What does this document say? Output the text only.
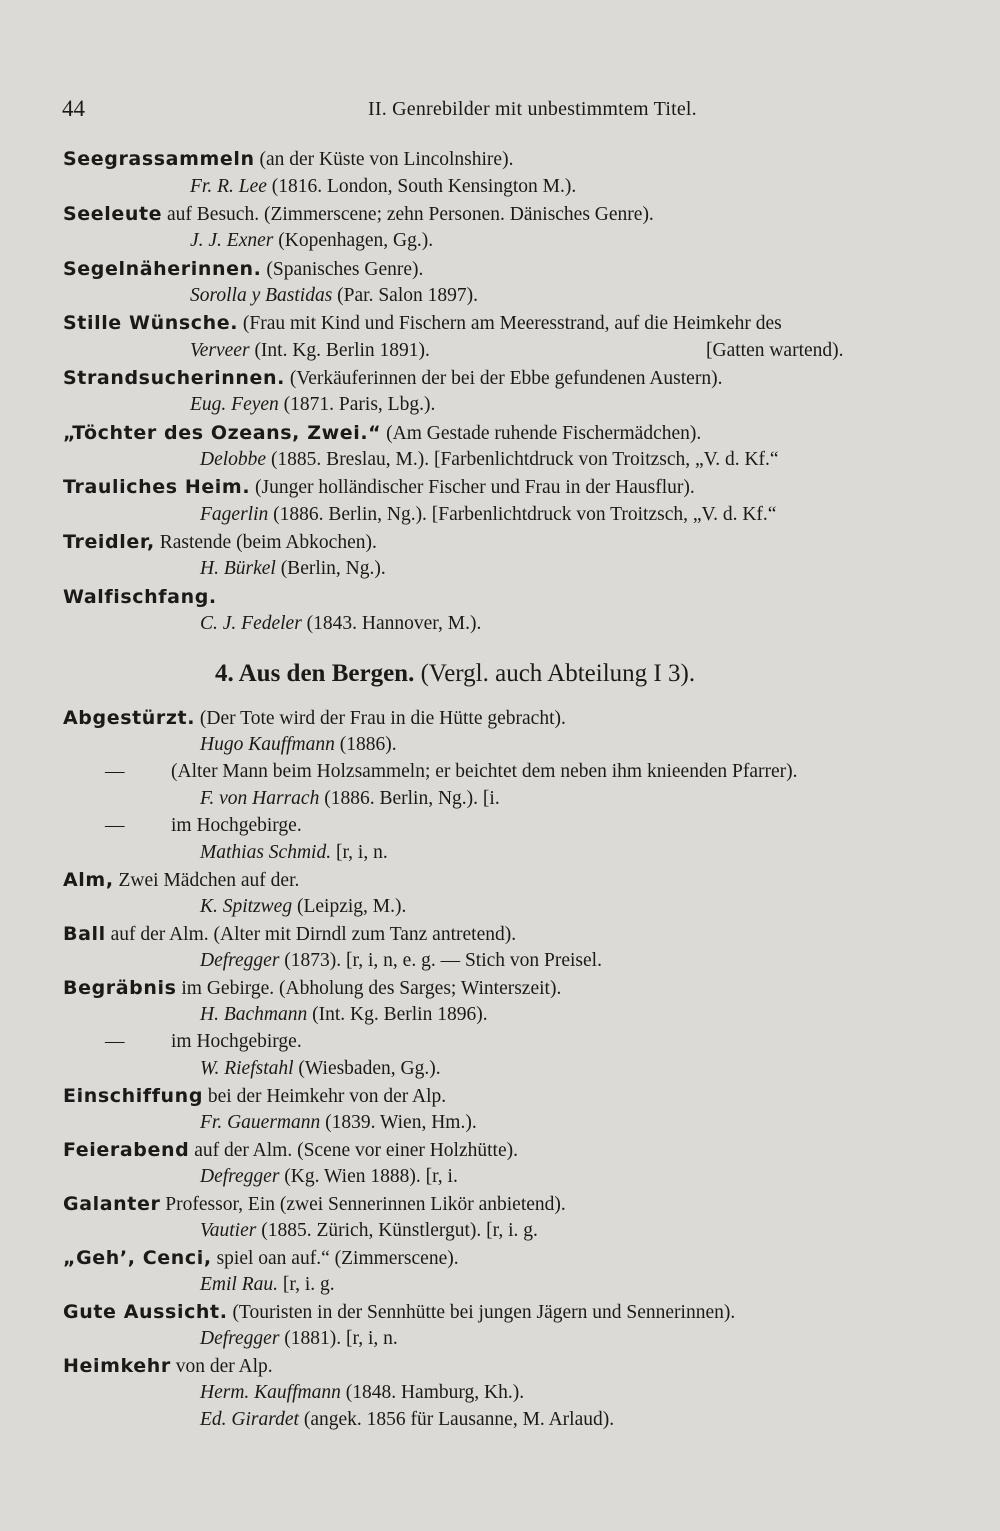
44	II. Genrebilder mit unbestimmtem Titel.
Seegrassammeln (an der Küste von Lincolnshire).
Fr. R. Lee (1816. London, South Kensington M.).
Seeleute auf Besuch. (Zimmerscene; zehn Personen. Dänisches Genre).
J. J. Exner (Kopenhagen, Gg.).
Segelnäherinnen. (Spanisches Genre).
Sorolla y Bastidas (Par. Salon 1897).
Stille Wünsche. (Frau mit Kind und Fischern am Meeresstrand, auf die Heimkehr des
Verveer (Int. Kg. Berlin 1891).	[Gatten wartend).
Strandsucherinnen. (Verkäuferinnen der bei der Ebbe gefundenen Austern).
Eug. Feyen (1871. Paris, Lbg.).
„Töchter des Ozeans, Zwei.“ (Am Gestade ruhende Fischermädchen).
Delobbe (1885. Breslau, M.). [Farbenlichtdruck von Troitzsch, „V. d. Kf.“
Trauliches Heim. (Junger holländischer Fischer und Frau in der Hausflur).
Fagerlin (1886. Berlin, Ng.). [Farbenlichtdruck von Troitzsch, „V. d. Kf.“
Treidler, Rastende (beim Abkochen).
H. Bürkel (Berlin, Ng.).
Walfischfang.
C. J. Fedeler (1843. Hannover, M.).
4. Aus den Bergen. (Vergl. auch Abteilung I 3).
Abgestürzt. (Der Tote wird der Frau in die Hütte gebracht).
Hugo Kauffmann (1886).
— (Alter Mann beim Holzsammeln; er beichtet dem neben ihm knieenden Pfarrer).
F. von Harrach (1886. Berlin, Ng.). [i.
— im Hochgebirge.
Mathias Schmid. [r, i, n.
Alm, Zwei Mädchen auf der.
K. Spitzweg (Leipzig, M.).
Ball auf der Alm. (Alter mit Dirndl zum Tanz antretend).
Defregger (1873). [r, i, n, e. g. — Stich von Preisel.
Begräbnis im Gebirge. (Abholung des Sarges; Winterszeit).
H. Bachmann (Int. Kg. Berlin 1896).
— im Hochgebirge.
W. Riefstahl (Wiesbaden, Gg.).
Einschiffung bei der Heimkehr von der Alp.
Fr. Gauermann (1839. Wien, Hm.).
Feierabend auf der Alm. (Scene vor einer Holzhütte).
Defregger (Kg. Wien 1888). [r, i.
Galanter Professor, Ein (zwei Sennerinnen Likör anbietend).
Vautier (1885. Zürich, Künstlergut). [r, i. g.
„Geh’, Cenci, spiel oan auf.“ (Zimmerscene).
Emil Rau. [r, i. g.
Gute Aussicht. (Touristen in der Sennhütte bei jungen Jägern und Sennerinnen).
Defregger (1881). [r, i, n.
Heimkehr von der Alp.
Herm. Kauffmann (1848. Hamburg, Kh.).
Ed. Girardet (angek. 1856 für Lausanne, M. Arlaud).
